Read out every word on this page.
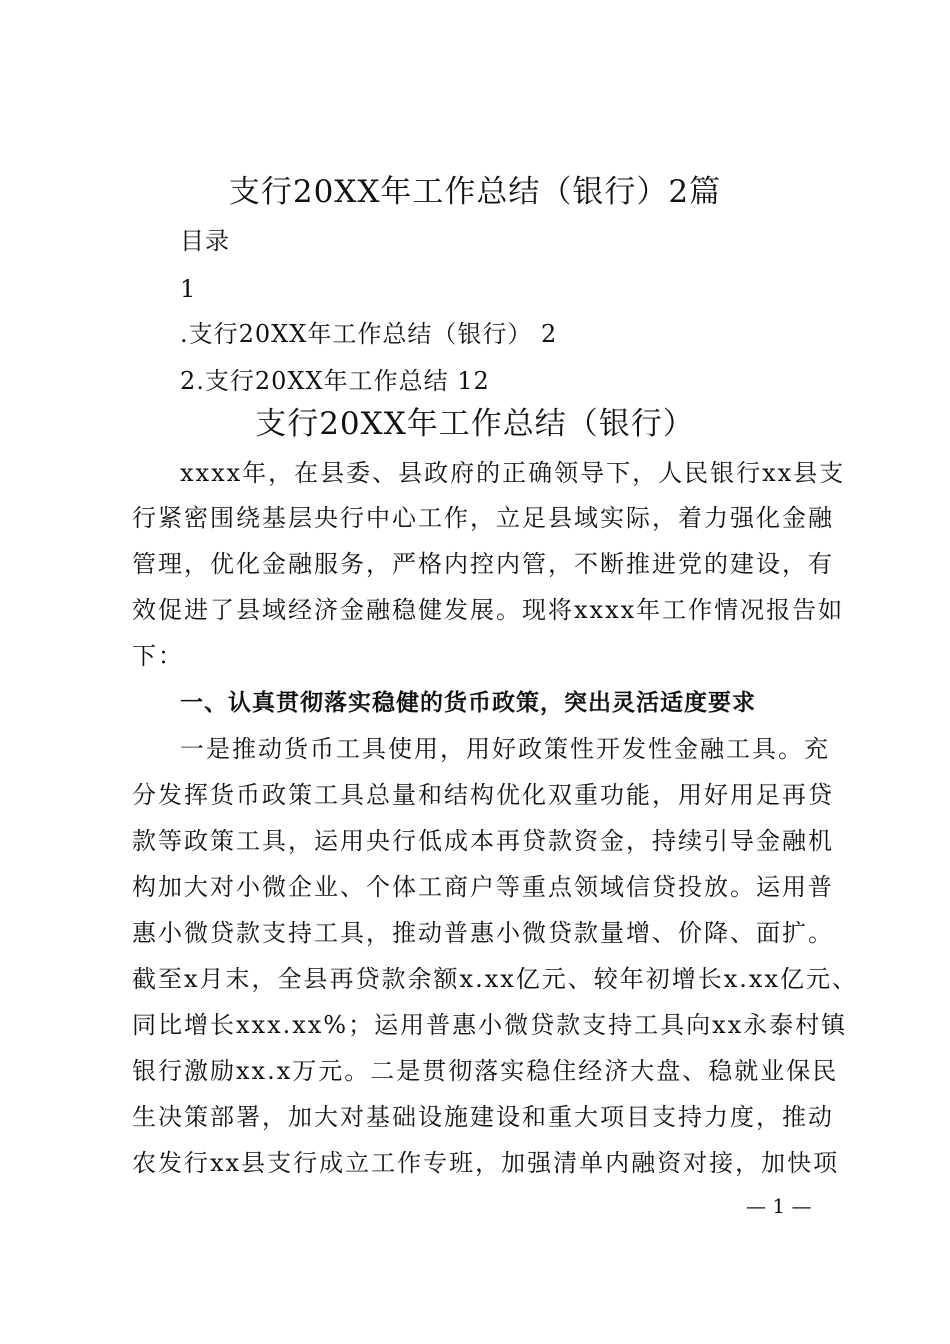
支行20XX年工作总结（银行）2篇
目录
1
.支行20XX年工作总结（银行） 2
2.支行20XX年工作总结 12
支行20XX年工作总结（银行）
xxxx年，在县委、县政府的正确领导下，人民银行xx县支
行紧密围绕基层央行中心工作，立足县域实际，着力强化金融
管理，优化金融服务，严格内控内管，不断推进党的建设，有
效促进了县域经济金融稳健发展。现将xxxx年工作情况报告如
下：
一、认真贯彻落实稳健的货币政策，突出灵活适度要求
一是推动货币工具使用，用好政策性开发性金融工具。充
分发挥货币政策工具总量和结构优化双重功能，用好用足再贷
款等政策工具，运用央行低成本再贷款资金，持续引导金融机
构加大对小微企业、个体工商户等重点领域信贷投放。运用普
惠小微贷款支持工具，推动普惠小微贷款量增、价降、面扩。
截至x月末，全县再贷款余额x.xx亿元、较年初增长x.xx亿元、
同比增长xxx.xx%；运用普惠小微贷款支持工具向xx永泰村镇
银行激励xx.x万元。二是贯彻落实稳住经济大盘、稳就业保民
生决策部署，加大对基础设施建设和重大项目支持力度，推动
农发行xx县支行成立工作专班，加强清单内融资对接，加快项
— 1 —
